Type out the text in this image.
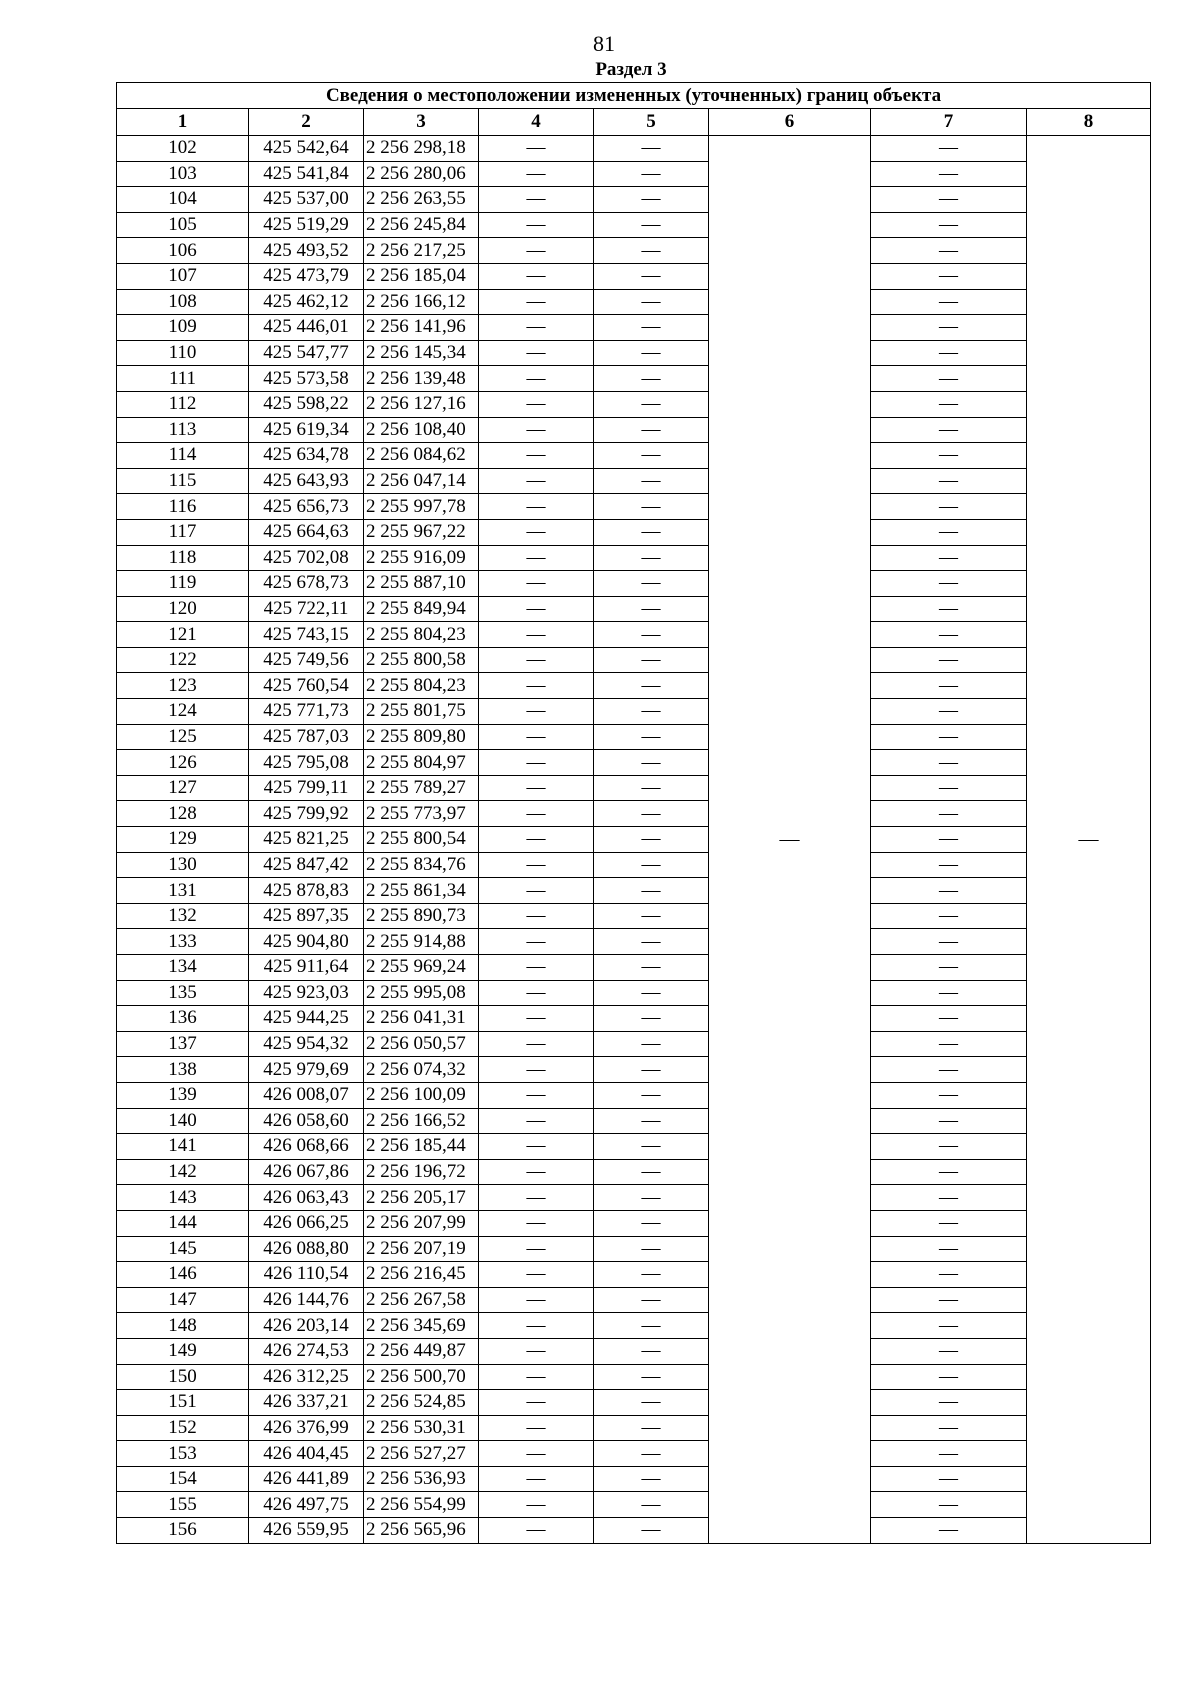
81
Раздел 3
Сведения о местоположении измененных (уточненных) границ объекта							
1	2	3	4	5	6	7	8
102	425 542,64	2 256 298,18	—	—	—	—	—
103	425 541,84	2 256 280,06	—	—		—	
104	425 537,00	2 256 263,55	—	—		—	
105	425 519,29	2 256 245,84	—	—		—	
106	425 493,52	2 256 217,25	—	—		—	
107	425 473,79	2 256 185,04	—	—		—	
108	425 462,12	2 256 166,12	—	—		—	
109	425 446,01	2 256 141,96	—	—		—	
110	425 547,77	2 256 145,34	—	—		—	
111	425 573,58	2 256 139,48	—	—		—	
112	425 598,22	2 256 127,16	—	—		—	
113	425 619,34	2 256 108,40	—	—		—	
114	425 634,78	2 256 084,62	—	—		—	
115	425 643,93	2 256 047,14	—	—		—	
116	425 656,73	2 255 997,78	—	—		—	
117	425 664,63	2 255 967,22	—	—		—	
118	425 702,08	2 255 916,09	—	—		—	
119	425 678,73	2 255 887,10	—	—		—	
120	425 722,11	2 255 849,94	—	—		—	
121	425 743,15	2 255 804,23	—	—		—	
122	425 749,56	2 255 800,58	—	—		—	
123	425 760,54	2 255 804,23	—	—		—	
124	425 771,73	2 255 801,75	—	—		—	
125	425 787,03	2 255 809,80	—	—		—	
126	425 795,08	2 255 804,97	—	—		—	
127	425 799,11	2 255 789,27	—	—		—	
128	425 799,92	2 255 773,97	—	—		—	
129	425 821,25	2 255 800,54	—	—		—	
130	425 847,42	2 255 834,76	—	—		—	
131	425 878,83	2 255 861,34	—	—		—	
132	425 897,35	2 255 890,73	—	—		—	
133	425 904,80	2 255 914,88	—	—		—	
134	425 911,64	2 255 969,24	—	—		—	
135	425 923,03	2 255 995,08	—	—		—	
136	425 944,25	2 256 041,31	—	—		—	
137	425 954,32	2 256 050,57	—	—		—	
138	425 979,69	2 256 074,32	—	—		—	
139	426 008,07	2 256 100,09	—	—		—	
140	426 058,60	2 256 166,52	—	—		—	
141	426 068,66	2 256 185,44	—	—		—	
142	426 067,86	2 256 196,72	—	—		—	
143	426 063,43	2 256 205,17	—	—		—	
144	426 066,25	2 256 207,99	—	—		—	
145	426 088,80	2 256 207,19	—	—		—	
146	426 110,54	2 256 216,45	—	—		—	
147	426 144,76	2 256 267,58	—	—		—	
148	426 203,14	2 256 345,69	—	—		—	
149	426 274,53	2 256 449,87	—	—		—	
150	426 312,25	2 256 500,70	—	—		—	
151	426 337,21	2 256 524,85	—	—		—	
152	426 376,99	2 256 530,31	—	—		—	
153	426 404,45	2 256 527,27	—	—		—	
154	426 441,89	2 256 536,93	—	—		—	
155	426 497,75	2 256 554,99	—	—		—	
156	426 559,95	2 256 565,96	—	—		—	
